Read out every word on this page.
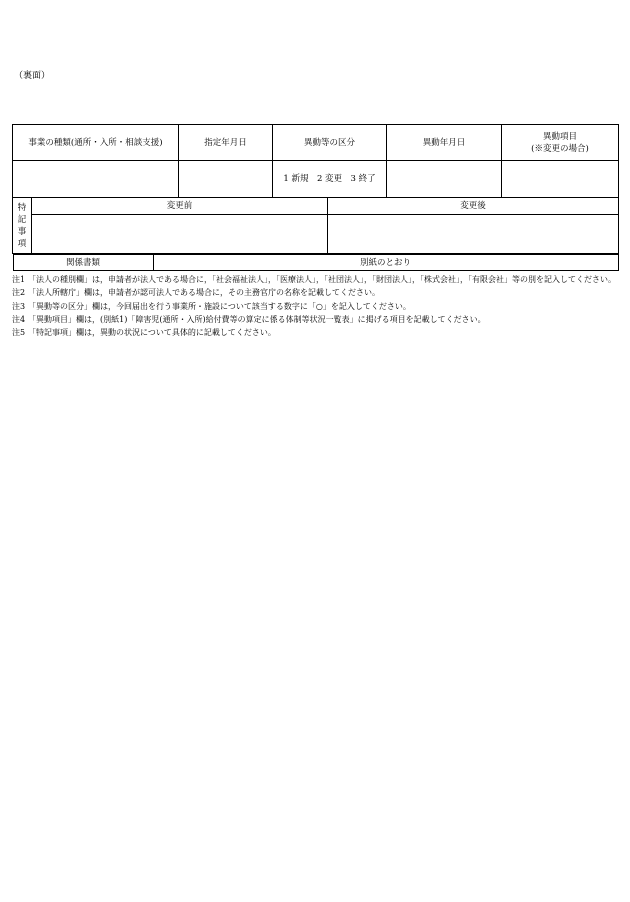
（裏面）
事業の種類(通所・入所・相談支援)	指定年月日	異動等の区分	異動年月日	異動項目
(※変更の場合)

		1 新規　2 変更　3 終了		
特
記
事
項
	変更前	変更後

関係書類	別紙のとおり
注1 「法人の種別欄」は，申請者が法人である場合に，「社会福祉法人」，「医療法人」，「社団法人」，「財団法人」，「株式会社」，「有限会社」等の別を記入してください。
注2 「法人所轄庁」欄は，申請者が認可法人である場合に，その主務官庁の名称を記載してください。
注3 「異動等の区分」欄は，今回届出を行う事業所・施設について該当する数字に「○」を記入してください。
注4 「異動項目」欄は，(別紙1)「障害児(通所・入所)給付費等の算定に係る体制等状況一覧表」に掲げる項目を記載してください。
注5 「特記事項」欄は，異動の状況について具体的に記載してください。
